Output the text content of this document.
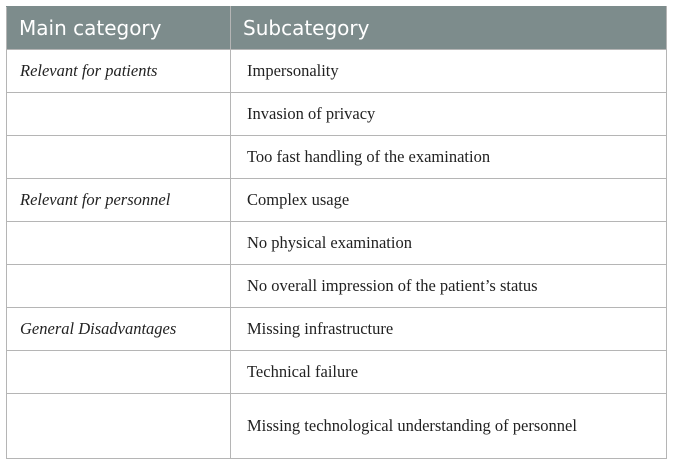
Main category	Subcategory
Relevant for patients	Impersonality
	Invasion of privacy
	Too fast handling of the examination
Relevant for personnel	Complex usage
	No physical examination
	No overall impression of the patient’s status
General Disadvantages	Missing infrastructure
	Technical failure
	Missing technological understanding of personnel
